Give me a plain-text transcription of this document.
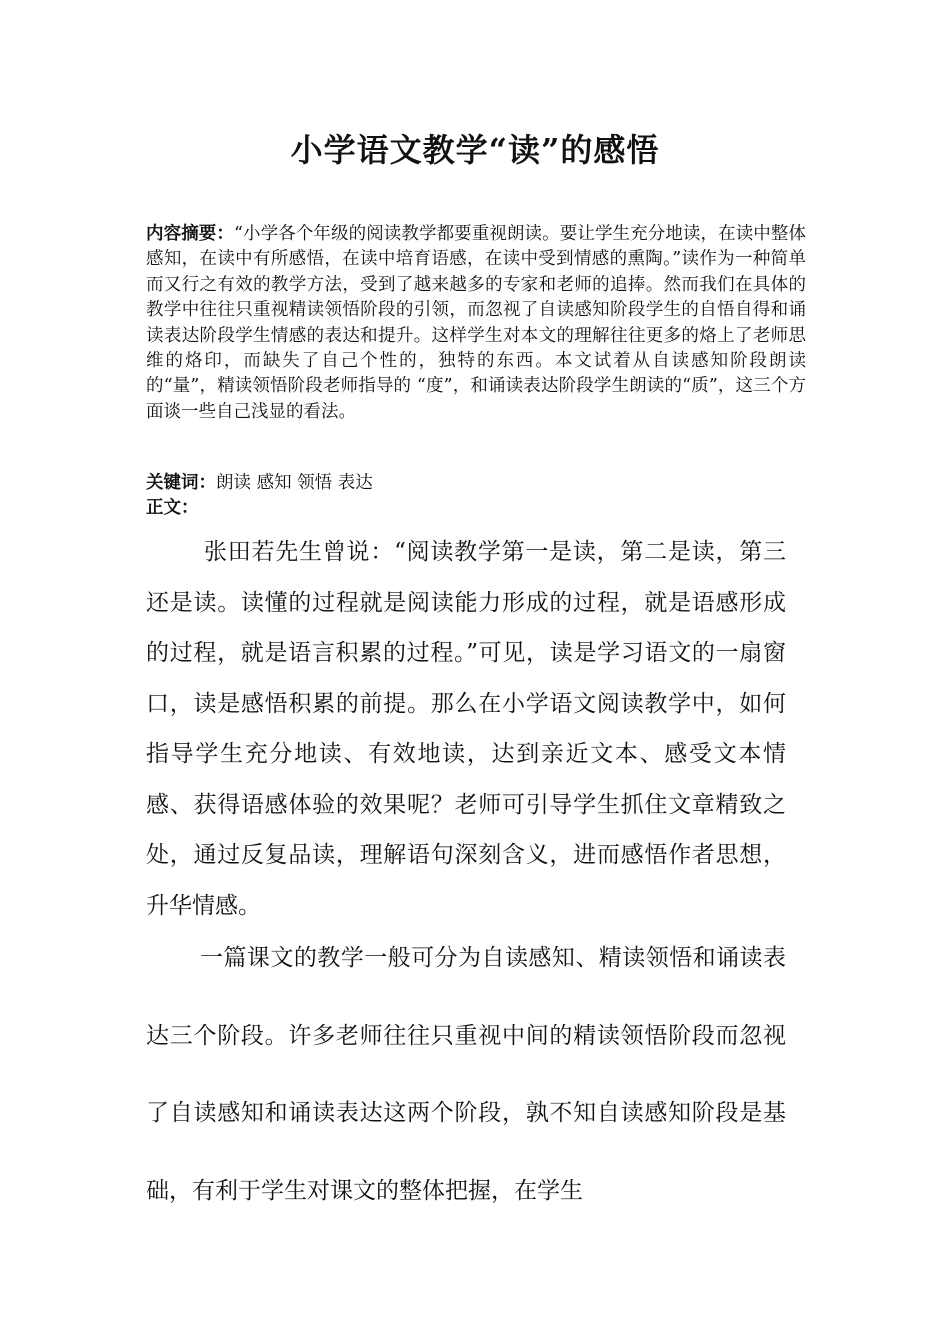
小学语文教学“读”的感悟

内容摘要：“小学各个年级的阅读教学都要重视朗读。要让学生充分地读，在读中整体感知，在读中有所感悟，在读中培育语感，在读中受到情感的熏陶。”读作为一种简单而又行之有效的教学方法，受到了越来越多的专家和老师的追捧。然而我们在具体的教学中往往只重视精读领悟阶段的引领，而忽视了自读感知阶段学生的自悟自得和诵读表达阶段学生情感的表达和提升。这样学生对本文的理解往往更多的烙上了老师思维的烙印，而缺失了自己个性的，独特的东西。本文试着从自读感知阶段朗读的“量”，精读领悟阶段老师指导的 “度”，和诵读表达阶段学生朗读的“质”，这三个方面谈一些自己浅显的看法。

关键词：朗读 感知 领悟 表达

正文：

张田若先生曾说：“阅读教学第一是读，第二是读，第三还是读。读懂的过程就是阅读能力形成的过程，就是语感形成的过程，就是语言积累的过程。”可见，读是学习语文的一扇窗口，读是感悟积累的前提。那么在小学语文阅读教学中，如何指导学生充分地读、有效地读，达到亲近文本、感受文本情感、获得语感体验的效果呢？老师可引导学生抓住文章精致之处，通过反复品读，理解语句深刻含义，进而感悟作者思想，升华情感。

一篇课文的教学一般可分为自读感知、精读领悟和诵读表达三个阶段。许多老师往往只重视中间的精读领悟阶段而忽视了自读感知和诵读表达这两个阶段，孰不知自读感知阶段是基础，有利于学生对课文的整体把握，在学生
